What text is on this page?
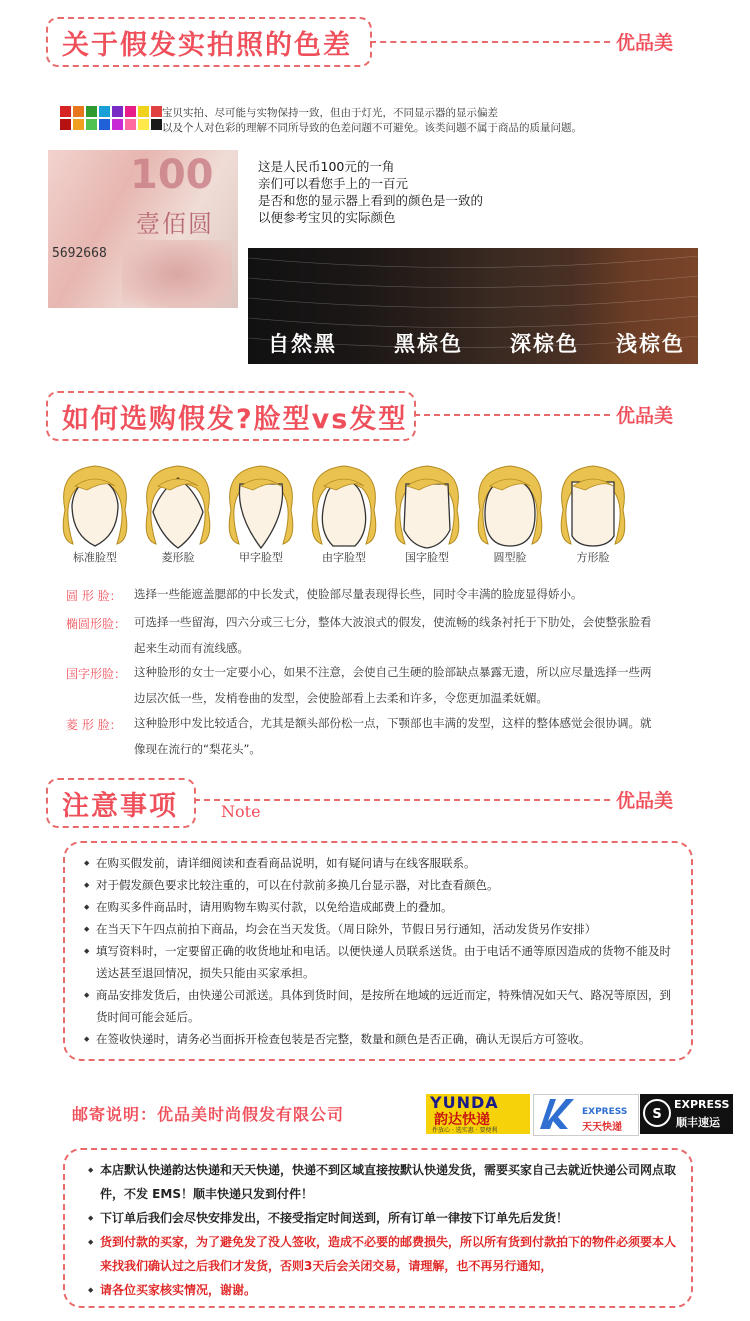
关于假发实拍照的色差	优品美
宝贝实拍、尽可能与实物保持一致，但由于灯光，不同显示器的显示偏差
以及个人对色彩的理解不同所导致的色差问题不可避免。该类问题不属于商品的质量问题。
100
壹佰圆
5692668
这是人民币100元的一角
亲们可以看您手上的一百元
是否和您的显示器上看到的颜色是一致的
以便参考宝贝的实际颜色
自然黑	黑棕色 深棕色 浅棕色
如何选购假发?脸型vs发型	优品美
标准脸型	菱形脸	甲字脸型	由字脸型	国字脸型	圆型脸	方形脸
圆 形 脸： 选择一些能遮盖腮部的中长发式，使脸部尽量表现得长些，同时令丰满的脸庞显得娇小。
椭圆形脸： 可选择一些留海，四六分或三七分，整体大波浪式的假发，使流畅的线条衬托于下肋处，会使整张脸看
起来生动而有流线感。
国字形脸： 这种脸形的女士一定要小心，如果不注意，会使自己生硬的脸部缺点暴露无遗，所以应尽量选择一些两
边层次低一些，发梢卷曲的发型，会使脸部看上去柔和许多，令您更加温柔妩媚。
菱 形 脸： 这种脸形中发比较适合，尤其是额头部份松一点，下颚部也丰满的发型，这样的整体感觉会很协调。就
像现在流行的“梨花头”。
注意事项	Note	优品美
◆ 在购买假发前，请详细阅读和查看商品说明，如有疑问请与在线客服联系。
◆ 对于假发颜色要求比较注重的，可以在付款前多换几台显示器，对比查看颜色。
◆ 在购买多件商品时，请用购物车购买付款，以免给造成邮费上的叠加。
◆ 在当天下午四点前拍下商品，均会在当天发货。（周日除外，节假日另行通知，活动发货另作安排）
◆ 填写资料时，一定要留正确的收货地址和电话。以便快递人员联系送货。由于电话不通等原因造成的货物不能及时送达甚至退回情况，损失只能由买家承担。
◆ 商品安排发货后，由快递公司派送。具体到货时间，是按所在地域的远近而定，特殊情况如天气、路况等原因，到货时间可能会延后。
◆ 在签收快递时，请务必当面拆开检查包装是否完整，数量和颜色是否正确，确认无误后方可签收。
邮寄说明：优品美时尚假发有限公司
YUNDA
韵达快递
件放心 · 选实惠 · 要便利
EXPRESS
天天快递
S
EXPRESS
顺丰速运
◆ 本店默认快递韵达快递和天天快递，快递不到区域直接按默认快递发货，需要买家自己去就近快递公司网点取件，不发 EMS！顺丰快递只发到付件！
◆ 下订单后我们会尽快安排发出，不接受指定时间送到，所有订单一律按下订单先后发货！
◆ 货到付款的买家，为了避免发了没人签收，造成不必要的邮费损失，所以所有货到付款拍下的物件必须要本人来找我们确认过之后我们才发货，否则3天后会关闭交易，请理解，也不再另行通知，
◆ 请各位买家核实情况，谢谢。
